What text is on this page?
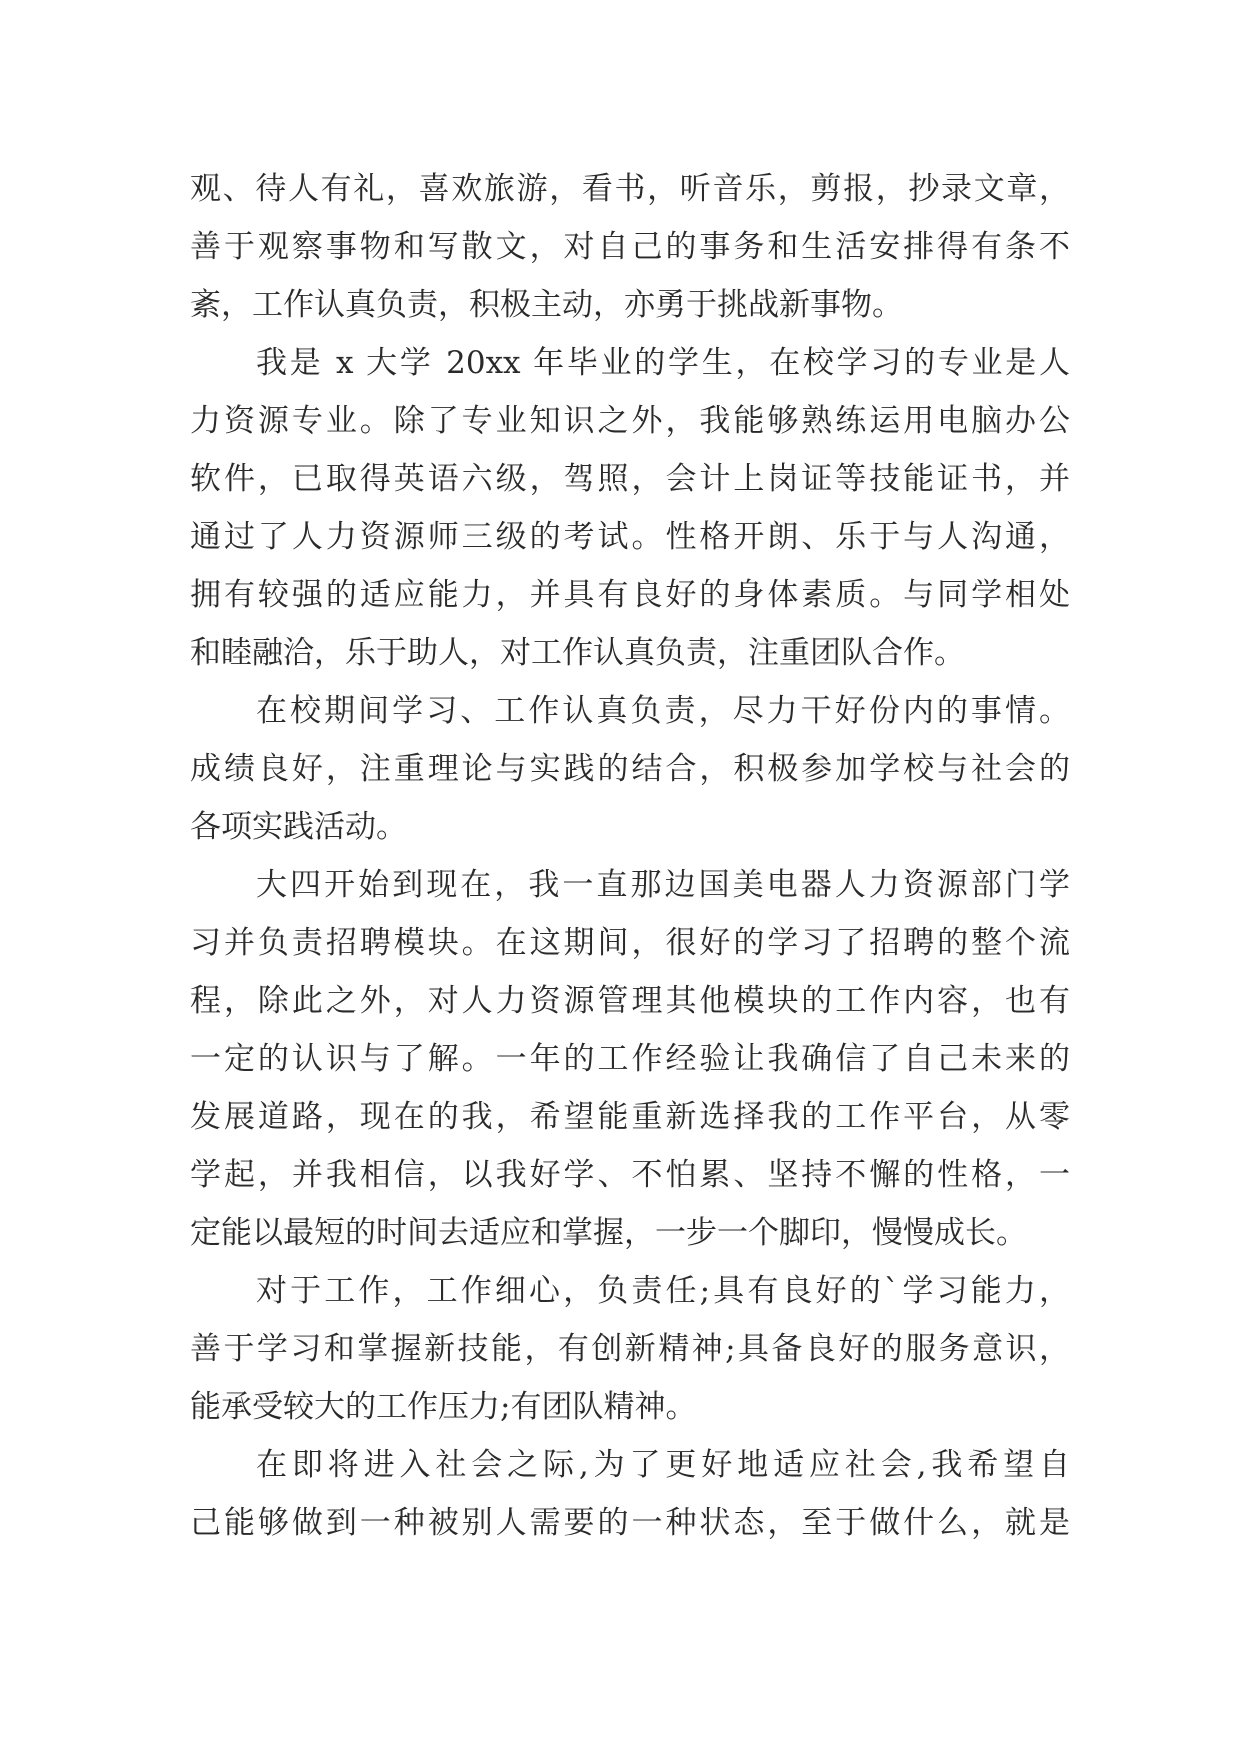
观、待人有礼，喜欢旅游，看书，听音乐，剪报，抄录文章，
善于观察事物和写散文，对自己的事务和生活安排得有条不
紊，工作认真负责，积极主动，亦勇于挑战新事物。
我是 x 大学 20xx 年毕业的学生，在校学习的专业是人
力资源专业。除了专业知识之外，我能够熟练运用电脑办公
软件，已取得英语六级，驾照，会计上岗证等技能证书，并
通过了人力资源师三级的考试。性格开朗、乐于与人沟通，
拥有较强的适应能力，并具有良好的身体素质。与同学相处
和睦融洽，乐于助人，对工作认真负责，注重团队合作。
在校期间学习、工作认真负责，尽力干好份内的事情。
成绩良好，注重理论与实践的结合，积极参加学校与社会的
各项实践活动。
大四开始到现在，我一直那边国美电器人力资源部门学
习并负责招聘模块。在这期间，很好的学习了招聘的整个流
程，除此之外，对人力资源管理其他模块的工作内容，也有
一定的认识与了解。一年的工作经验让我确信了自己未来的
发展道路，现在的我，希望能重新选择我的工作平台，从零
学起，并我相信，以我好学、不怕累、坚持不懈的性格，一
定能以最短的时间去适应和掌握，一步一个脚印，慢慢成长。
对于工作，工作细心，负责任;具有良好的`学习能力，
善于学习和掌握新技能，有创新精神;具备良好的服务意识，
能承受较大的工作压力;有团队精神。
在即将进入社会之际,为了更好地适应社会,我希望自
己能够做到一种被别人需要的一种状态，至于做什么，就是
